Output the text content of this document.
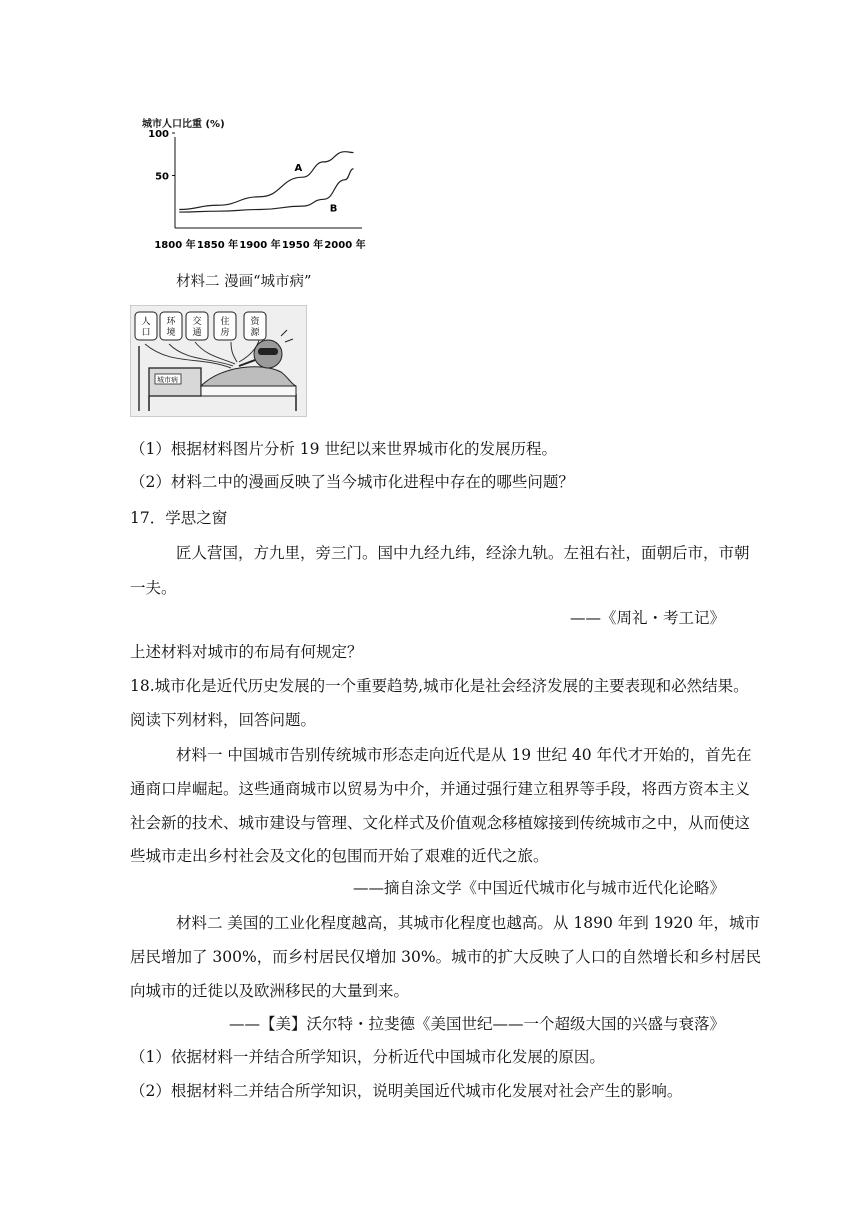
城市人口比重 (%)
100
50
1800 年 1850 年 1900 年 1950 年 2000 年
A
B
材料二 漫画“城市病”
人
口
环
境
交
通
住
房
资
源
城市病
（1）根据材料图片分析 19 世纪以来世界城市化的发展历程。
（2）材料二中的漫画反映了当今城市化进程中存在的哪些问题？
17．学思之窗
匠人营国，方九里，旁三门。国中九经九纬，经涂九轨。左祖右社，面朝后市，市朝
一夫。
——《周礼・考工记》
上述材料对城市的布局有何规定？
18.城市化是近代历史发展的一个重要趋势,城市化是社会经济发展的主要表现和必然结果。
阅读下列材料，回答问题。
材料一 中国城市告别传统城市形态走向近代是从 19 世纪 40 年代才开始的，首先在
通商口岸崛起。这些通商城市以贸易为中介，并通过强行建立租界等手段，将西方资本主义
社会新的技术、城市建设与管理、文化样式及价值观念移植嫁接到传统城市之中，从而使这
些城市走出乡村社会及文化的包围而开始了艰难的近代之旅。
——摘自涂文学《中国近代城市化与城市近代化论略》
材料二 美国的工业化程度越高，其城市化程度也越高。从 1890 年到 1920 年，城市
居民增加了 300%，而乡村居民仅增加 30%。城市的扩大反映了人口的自然增长和乡村居民
向城市的迁徙以及欧洲移民的大量到来。
——【美】沃尔特・拉斐德《美国世纪——一个超级大国的兴盛与衰落》
（1）依据材料一并结合所学知识，分析近代中国城市化发展的原因。
（2）根据材料二并结合所学知识，说明美国近代城市化发展对社会产生的影响。
